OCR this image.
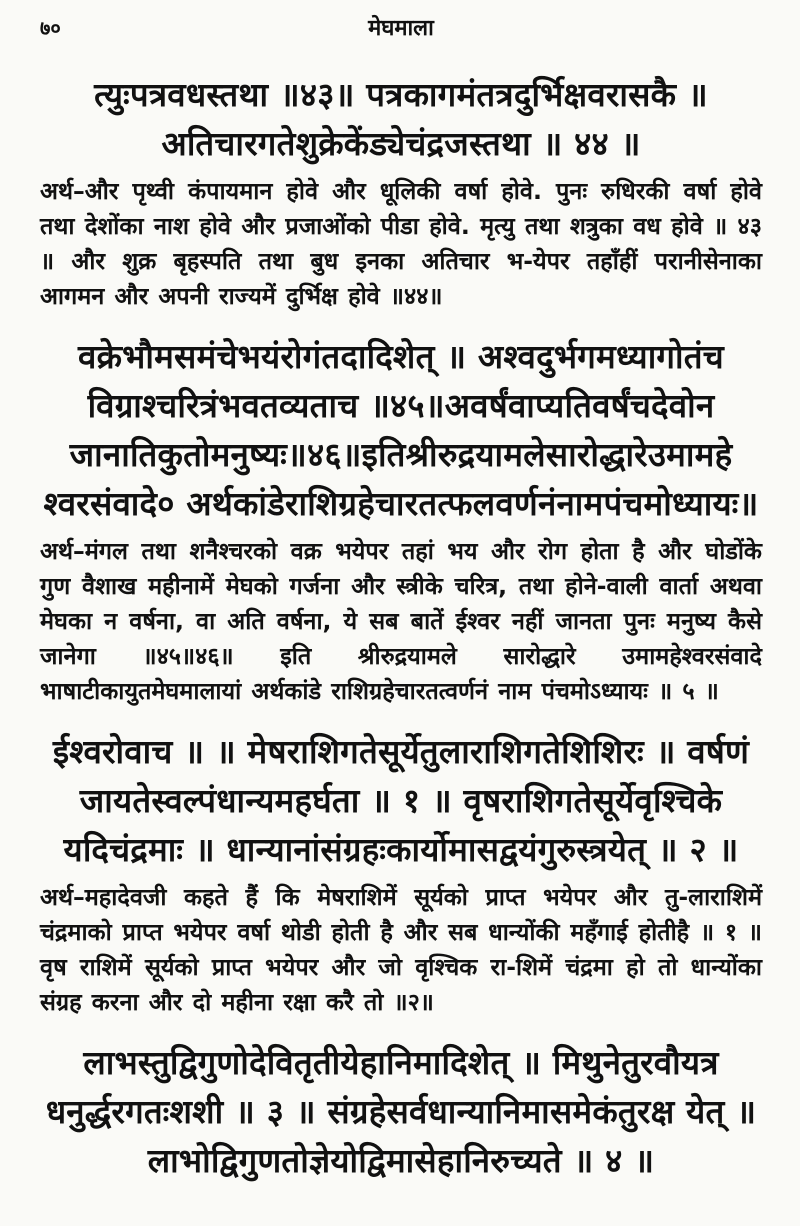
७०	मेघमाला

त्युःपत्रवधस्तथा ॥४३॥ पत्रकागमंतत्रदुर्भिक्षवरासकै ॥ अतिचारगतेशुक्रेकेंड्येचंद्रजस्तथा ॥ ४४ ॥

अर्थ–और पृथ्वी कंपायमान होवे और धूलिकी वर्षा होवे. पुनः रुधिरकी वर्षा होवे तथा देशोंका नाश होवे और प्रजाओंको पीडा होवे. मृत्यु तथा शत्रुका वध होवे ॥ ४३ ॥ और शुक्र बृहस्पति तथा बुध इनका अतिचार भ-येपर तहाँहीं परानीसेनाका आगमन और अपनी राज्यमें दुर्भिक्ष होवे ॥४४॥

वक्रेभौमसमंचेभयंरोगंतदादिशेत् ॥ अश्वदुर्भगमध्यागोतंच विग्राश्चरित्रंभवतव्यताच ॥४५॥अवर्षंवाप्यतिवर्षंचदेवोन जानातिकुतोमनुष्यः॥४६॥इतिश्रीरुद्रयामलेसारोद्धारेउमामहे श्वरसंवादे० अर्थकांडेराशिग्रहेचारतत्फलवर्णनंनामपंचमोध्यायः॥

अर्थ–मंगल तथा शनैश्चरको वक्र भयेपर तहां भय और रोग होता है और घोडोंके गुण वैशाख महीनामें मेघको गर्जना और स्त्रीके चरित्र, तथा होने-वाली वार्ता अथवा मेघका न वर्षना, वा अति वर्षना, ये सब बातें ईश्वर नहीं जानता पुनः मनुष्य कैसे जानेगा ॥४५॥४६॥ इति श्रीरुद्रयामले सारोद्धारे उमामहेश्वरसंवादे भाषाटीकायुतमेघमालायां अर्थकांडे राशिग्रहेचारतत्वर्णनं नाम पंचमोऽध्यायः ॥ ५ ॥

ईश्वरोवाच ॥ ॥ मेषराशिगतेसूर्येतुलाराशिगतेशिशिरः ॥ वर्षणं जायतेस्वल्पंधान्यमहर्घता ॥ १ ॥ वृषराशिगतेसूर्येवृश्चिके यदिचंद्रमाः ॥ धान्यानांसंग्रहःकार्योमासद्वयंगुरुस्त्रयेत् ॥ २ ॥

अर्थ–महादेवजी कहते हैं कि मेषराशिमें सूर्यको प्राप्त भयेपर और तु-लाराशिमें चंद्रमाको प्राप्त भयेपर वर्षा थोडी होती है और सब धान्योंकी महँगाई होतीहै ॥ १ ॥ वृष राशिमें सूर्यको प्राप्त भयेपर और जो वृश्चिक रा-शिमें चंद्रमा हो तो धान्योंका संग्रह करना और दो महीना रक्षा करै तो ॥२॥

लाभस्तुद्विगुणोदेवितृतीयेहानिमादिशेत् ॥ मिथुनेतुरवौयत्र धनुर्द्धरगतःशशी ॥ ३ ॥ संग्रहेसर्वधान्यानिमासमेकंतुरक्ष येत् ॥ लाभोद्विगुणतोज्ञेयोद्विमासेहानिरुच्यते ॥ ४ ॥
